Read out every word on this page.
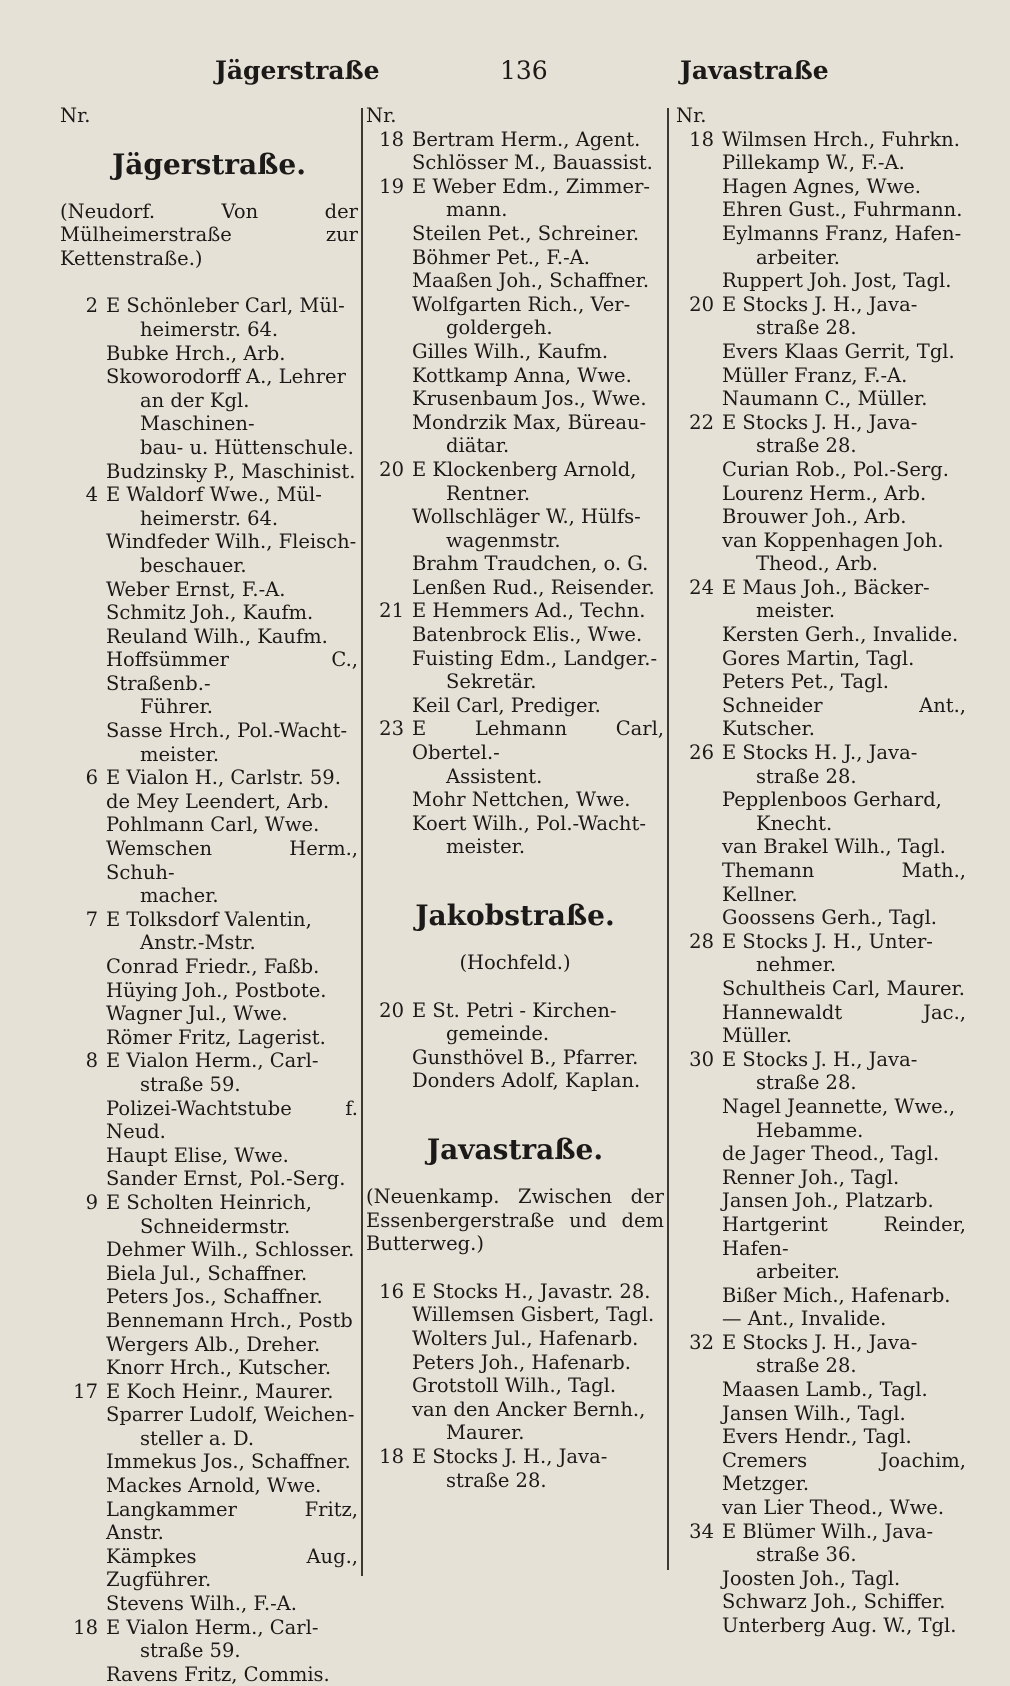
Jägerstraße	136	Javastraße
Nr.
Jägerstraße.
(Neudorf. Von der Mülheimerstraße zur Kettenstraße.)
2 E Schönleber Carl, Mül-
heimerstr. 64.
Bubke Hrch., Arb.
Skoworodorff A., Lehrer
an der Kgl. Maschinen-
bau- u. Hüttenschule.
Budzinsky P., Maschinist.
4 E Waldorf Wwe., Mül-
heimerstr. 64.
Windfeder Wilh., Fleisch-
beschauer.
Weber Ernst, F.-A.
Schmitz Joh., Kaufm.
Reuland Wilh., Kaufm.
Hoffsümmer C., Straßenb.-
Führer.
Sasse Hrch., Pol.-Wacht-
meister.
6 E Vialon H., Carlstr. 59.
de Mey Leendert, Arb.
Pohlmann Carl, Wwe.
Wemschen Herm., Schuh-
macher.
7 E Tolksdorf Valentin,
Anstr.-Mstr.
Conrad Friedr., Faßb.
Hüying Joh., Postbote.
Wagner Jul., Wwe.
Römer Fritz, Lagerist.
8 E Vialon Herm., Carl-
straße 59.
Polizei-Wachtstube f. Neud.
Haupt Elise, Wwe.
Sander Ernst, Pol.-Serg.
9 E Scholten Heinrich,
Schneidermstr.
Dehmer Wilh., Schlosser.
Biela Jul., Schaffner.
Peters Jos., Schaffner.
Bennemann Hrch., Postb
Wergers Alb., Dreher.
Knorr Hrch., Kutscher.
17 E Koch Heinr., Maurer.
Sparrer Ludolf, Weichen-
steller a. D.
Immekus Jos., Schaffner.
Mackes Arnold, Wwe.
Langkammer Fritz, Anstr.
Kämpkes Aug., Zugführer.
Stevens Wilh., F.-A.
18 E Vialon Herm., Carl-
straße 59.
Ravens Fritz, Commis.
Nr.
18 Bertram Herm., Agent.
Schlösser M., Bauassist.
19 E Weber Edm., Zimmer-
mann.
Steilen Pet., Schreiner.
Böhmer Pet., F.-A.
Maaßen Joh., Schaffner.
Wolfgarten Rich., Ver-
goldergeh.
Gilles Wilh., Kaufm.
Kottkamp Anna, Wwe.
Krusenbaum Jos., Wwe.
Mondrzik Max, Büreau-
diätar.
20 E Klockenberg Arnold,
Rentner.
Wollschläger W., Hülfs-
wagenmstr.
Brahm Traudchen, o. G.
Lenßen Rud., Reisender.
21 E Hemmers Ad., Techn.
Batenbrock Elis., Wwe.
Fuisting Edm., Landger.-
Sekretär.
Keil Carl, Prediger.
23 E Lehmann Carl, Obertel.-
Assistent.
Mohr Nettchen, Wwe.
Koert Wilh., Pol.-Wacht-
meister.
Jakobstraße.
(Hochfeld.)
20 E St. Petri - Kirchen-
gemeinde.
Gunsthövel B., Pfarrer.
Donders Adolf, Kaplan.
Javastraße.
(Neuenkamp. Zwischen der Essenbergerstraße und dem Butterweg.)
16 E Stocks H., Javastr. 28.
Willemsen Gisbert, Tagl.
Wolters Jul., Hafenarb.
Peters Joh., Hafenarb.
Grotstoll Wilh., Tagl.
van den Ancker Bernh.,
Maurer.
18 E Stocks J. H., Java-
straße 28.
Nr.
18 Wilmsen Hrch., Fuhrkn.
Pillekamp W., F.-A.
Hagen Agnes, Wwe.
Ehren Gust., Fuhrmann.
Eylmanns Franz, Hafen-
arbeiter.
Ruppert Joh. Jost, Tagl.
20 E Stocks J. H., Java-
straße 28.
Evers Klaas Gerrit, Tgl.
Müller Franz, F.-A.
Naumann C., Müller.
22 E Stocks J. H., Java-
straße 28.
Curian Rob., Pol.-Serg.
Lourenz Herm., Arb.
Brouwer Joh., Arb.
van Koppenhagen Joh.
Theod., Arb.
24 E Maus Joh., Bäcker-
meister.
Kersten Gerh., Invalide.
Gores Martin, Tagl.
Peters Pet., Tagl.
Schneider Ant., Kutscher.
26 E Stocks H. J., Java-
straße 28.
Pepplenboos Gerhard,
Knecht.
van Brakel Wilh., Tagl.
Themann Math., Kellner.
Goossens Gerh., Tagl.
28 E Stocks J. H., Unter-
nehmer.
Schultheis Carl, Maurer.
Hannewaldt Jac., Müller.
30 E Stocks J. H., Java-
straße 28.
Nagel Jeannette, Wwe.,
Hebamme.
de Jager Theod., Tagl.
Renner Joh., Tagl.
Jansen Joh., Platzarb.
Hartgerint Reinder, Hafen-
arbeiter.
Bißer Mich., Hafenarb.
— Ant., Invalide.
32 E Stocks J. H., Java-
straße 28.
Maasen Lamb., Tagl.
Jansen Wilh., Tagl.
Evers Hendr., Tagl.
Cremers Joachim, Metzger.
van Lier Theod., Wwe.
34 E Blümer Wilh., Java-
straße 36.
Joosten Joh., Tagl.
Schwarz Joh., Schiffer.
Unterberg Aug. W., Tgl.
